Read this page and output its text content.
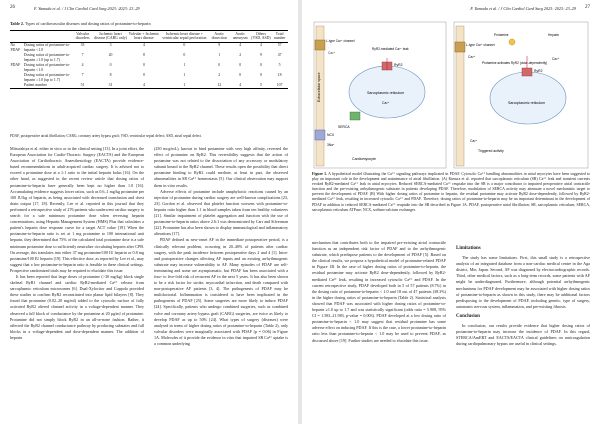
26	F. Yamada et al. / J Clin Cardiol Card Surg 2023: 2023: 23–29
Table 2. Types of cardiovascular diseases and dosing ratios of protamine-to-heparin
		Valvular disorders	Ischemic heart disease (CABG only)	Valvular + Ischemic heart disease	Ischemic heart disease + ventricular septal perforation	Aortic dissection	Aortic aneurysm	Others (VSD, ASD)	Total number
No PDAF	Dosing ratios of protamine-to-heparin <1.0	33	3	4	0	9	4	4	57
	Dosing ratios of protamine-to-heparin ≥1.0 (up to 1.7)	7	20	8	0	1	2	9	47
PDAF	Dosing ratios of protamine-to-heparin <1.0	4	0	0	1	0	0	0	5
	Dosing ratios of protamine-to-heparin ≥1.0 (up to 1.7)	7	8	0	1	2	0	0	18
	Patient number	51	31	4	1	12	4	5	107
PDAF, postoperative atrial fibrillation; CABG, coronary artery bypass graft; VSD, ventricular septal defect; ASD, atrial septal defect.

Mitsuishiya et al. either in vitro or in the clinical setting [13]. In a joint effort, the European Association for Cardio-Thoracic Surgery (EACTS) and the European Association of Cardiothoracic Anaesthesiology (EACTA) provide evidence-based recommendations in adult-acquired cardiac surgery. It is advised not to exceed a protamine dose at a 1:1 ratio to the initial heparin bolus [16]. On the other hand, as suggested in the recent review article that dosing ratios of protamine-to-heparin have generally been kept no higher than 1.0 [16]. Accumulating evidence suggests lower ratios, such as 0.6–1 mg/kg protamine per 100 IU/kg of heparin, as being associated with decreased transfusion and chest drain output [17, 18]. Recently, Lee et al. reported in this journal that they performed a retrospective study of 276 patients who underwent cardiac surgery to search for a safe minimum protamine dose when reversing heparin concentrations, using Heparin Management System (HMS) Plus that calculates a patient's heparin dose response curve for a target ACT value [19]. When the protamine-to-heparin ratio is set at 1 mg protamine to 100 international unit heparin, they determined that 75% of the calculated total protamine dose is a safe minimum protamine dose to sufficiently neutralize circulating heparin after CPB. On average, this translates into either 37 mg protamine/100 IU heparin or 0.8 mg protamine/100 IU heparin [19]. This effective dose, as reported by Lee et al., may suggest that a low protamine-to-heparin ratio is feasible in these clinical settings. Prospective randomized trials may be required to elucidate this issue.

It has been reported that large doses of protamine (>30 mg/kg) block single skeletal RyR1 channel and cardiac RyR2-mediated Ca²⁺ release from sarcoplasmic reticulum microsomes [6]. Dual-Xylocitor and Coppola provided these studies to confirm RyR2 reconstituted into planar lipid bilayers [8]. They found that protamine (0.02–20 mg/ml) added to the cytosolic surface of fully activated RyR2 altered channel activity in a voltage-dependent manner. They observed a full block of conductance by the protamine at 20 μg/ml of protamine. Protamine did not simply block RyR2 in an all-or-none fashion. Rather, it affected the RyR2 channel conductance pathway by producing substates and full blocks in a voltage-dependent and dose-dependent manner. The addition of heparin

(250 mcg/mL), known to bind protamine with very high affinity, reversed the effect of protamine on RyR2. This reversibility suggests that the action of protamine was not related to the dissociation of any accessory or modulatory subunit bound to the RyR2 channel. These results open the possibility that direct protamine binding to RyR2 could mediate, at least in part, the observed abnormalities in SR Ca²⁺ homeostasis [5]. Our clinical observation may support them in vitro results.

Adverse effects of protamine include anaphylactic reactions caused by an injection of protamine during cardiac surgery are well-known complications [23, 23]. Gordon et al. observed that platelet function worsens with protamine-to-heparin ratio higher than 1.1 in blood samples taken from ten healthy volunteers [21]. Similar impairment of platelet aggregation and function with the use of protamine-to-heparin ratios above 2.6:1 was demonstrated by Carr and Silverman [22]. Protamine has also been shown to display immunological and inflammatory alterations [17].

PDAF defined as new-onset AF in the immediate postoperative period, is a clinically relevant problem, occurring in 20–40% of patients after cardiac surgery, with the peak incidence between postoperative days 2 and 4 [1]. Intra- and postoperative changes affecting AF inputs and an existing arrhythmogenic substrate may increase vulnerability to AF. Many episodes of PDAF are self-terminating and some are asymptomatic, but PDAF has been associated with a four- to five-fold risk of recurrent AF in the next 5 years. It has also been shown to be a risk factor for stroke, myocardial infarction, and death compared with non-postoperative AF patients [3, 4]. The pathogenesis of PDAF may be multifactorial. Inflammation is considered to have been implicated in the pathogenesis of PDAF [25]. Some surgeries are more likely to induce PDAF [24]. Specifically, patients who undergo combined surgeries, such as combined valve and coronary artery bypass graft (CABG) surgeries, are twice as likely to develop PDAF as up to 50% [24]. What types of surgery (diseases) were analysed in terms of higher dosing ratios of protamine-to-heparin (Table 2), only valvular disorders were marginally associated with PDAF (p = 0.06) in Figure 1A. Molecules of it provide the evidence in vitro that impaired SR Ca²⁺ uptake is a common underlying

F. Yamada et al. / J Clin Cardiol Card Surg 2023: 2023: 23–29 27
Extracellular space
L-type Ca²⁺ channel
Ca²⁺
Sarcoplasmic reticulum
Ca²⁺
RyR2
RyR2-mediated Ca²⁺ leak
SERCA
NCX
3Na⁺
Cardiomyocyte
L-type Ca²⁺ channel
Ca²⁺
Sarcoplasmic reticulum
RyR2
Protamine
Protamine activates RyR2 (dose-dependently)
Heparin
Ca²⁺
Ca²⁺
Triggered activity
Figure 1. A hypothetical model illustrating the Ca²⁺ signaling pathways implicated in PDAF. Cytosolic Ca²⁺ handling abnormalities in atrial myocytes have been suggested to play an important role in the development and maintenance of atrial fibrillation. (A) Kimura et al. reported that sarcoplasmic reticulum (SR) Ca²⁺ leak and transient currents evoked RyR2-mediated Ca²⁺ leak in atrial myocytes. Reduced SERCA-mediated Ca²⁺ reuptake into the SR is a major contributor to impaired preoperative atrial contractile function and the pre-existing arrhythmogenic substrate in patients developing PDAF. Therefore, modulation of SERCA activity may attenuate a novel mechanistic target to prevent the development of PDAF. (B) With higher dosing ratios of protamine to heparin, the residual protamine may activate RyR2 dose-dependently, followed by RyR2-mediated Ca²⁺ leak, resulting in increased cytosolic Ca²⁺ and PDAF. Therefore, dosing ratios of protamine-to-heparin may be an important determinant in the development of PDAF in addition to reduced SERCA-mediated Ca²⁺ reuptake into the SR described in Figure 1A. PDAF, postoperative atrial fibrillation; SR, sarcoplasmic reticulum; SERCA, sarcoplasmic reticulum ATPase; NCX, sodium-calcium exchanger.

mechanism that contributes both to the impaired pre-existing atrial contractile function as an independent risk factor of PDAF and to the arrhythmogenic substrate, which predispose patients to the development of PDAF [5]. Based on the clinical results, we propose a hypothetical model of protamine-related PDAF in Figure 1B. In the case of higher dosing ratios of protamine-to-heparin, the residual protamine may activate RyR2 dose-dependently, followed by RyR2-mediated Ca²⁺ leak, resulting in increased cytosolic Ca²⁺ and PDAF. In the current retrospective study, PDAF developed both in 5 of 57 patients (8.7%) in the dosing ratio of protamine-to-heparin < 1.0 and 18 out of 47 patients (38.3%) in the higher dosing ratios of protamine-to-heparin (Table 2). Statistical analysis showed that PDAF was associated with higher dosing ratios of protamine-to-heparin ≥1.0 up to 1.7 and was statistically significant (odds ratio = 5.908, 95% CI = 1.583–21.983, p-value = 0.003). PDAF developed at a low dosing ratio of protamine-to-heparin < 1.0 may suggest that residual protamine has some adverse effect on inducing PDAF. If this is the case, a lower protamine-to-heparin ratio less than protamine-to-heparin < 1.0 may be used to prevent PDAF, as discussed above [19]. Further studies are needed to elucidate this issue.

Limitations

The study has some limitations. First, this small study is a retrospective analysis of an integrated database from a non-cardiac medical centre in the Aga district, Mie, Japan. Second, AF was diagnosed by electrocardiographic records. Third, other medical factors, such as a long-term records, some patients with AF might be underdiagnosed. Furthermore, although potential arrhythmogenic mechanisms for PDAF development may be associated with higher dosing ratios of protamine-to-heparin as shown in this study, there may be additional factors predisposing to the development of PDAF, including genetic, type of surgery, autonomic nervous system, inflammation, and pre-existing fibrosis.

Conclusion

In conclusion, our results provide evidence that higher dosing ratios of protamine-to-heparin may increase the incidence of PDAF. In this regard, STERCA/AmERT and EACTS/EACTA clinical guidelines on anticoagulation during cardiopulmonary bypass are useful in clinical settings.
